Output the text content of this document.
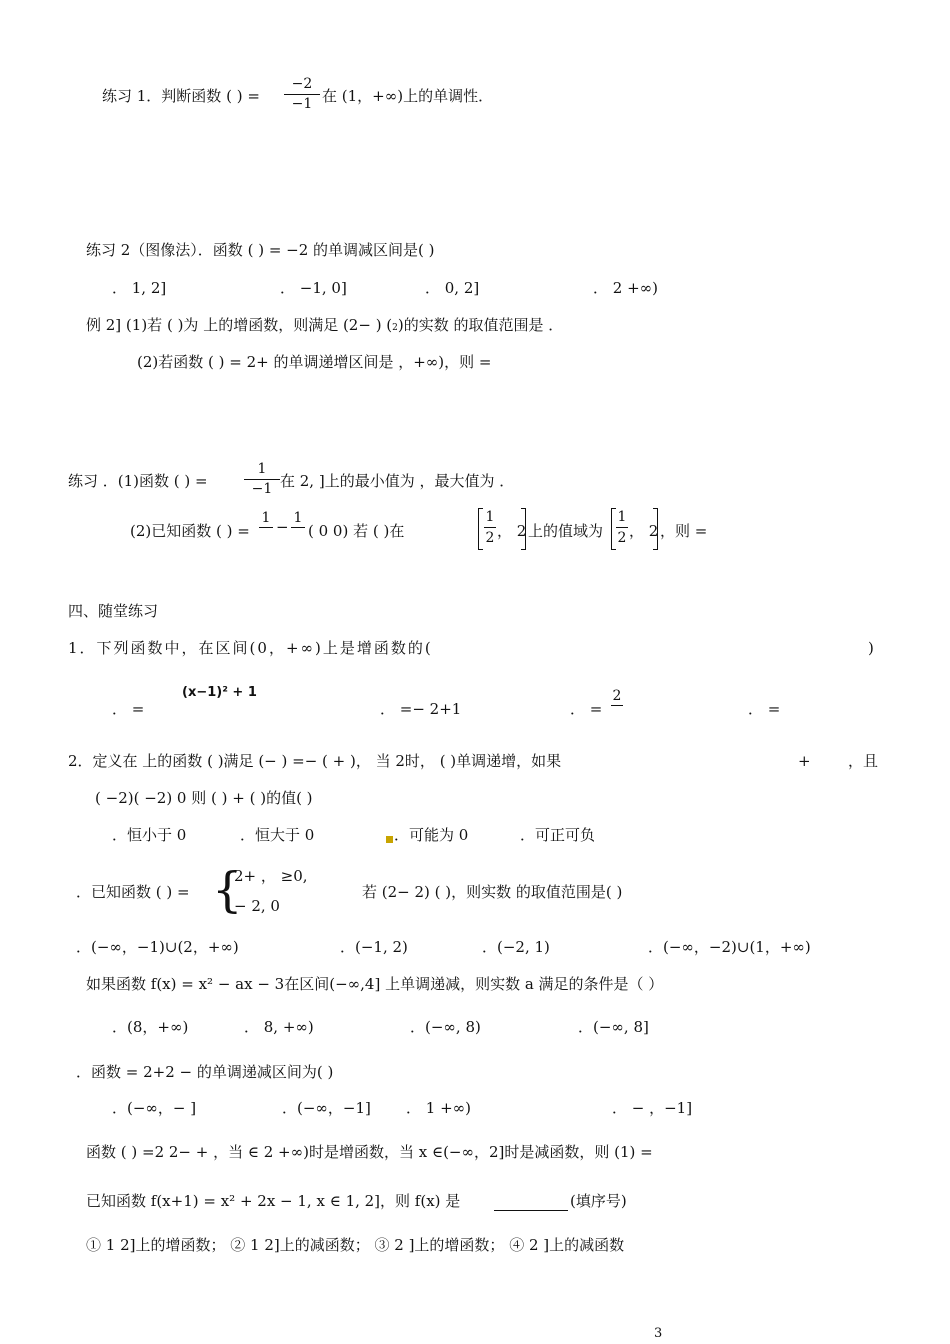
练习 1．判断函数 ( ) =
−2
−1 在 (1，+∞)上的单调性．
练习 2（图像法）．函数 ( ) = −2 的单调减区间是( )
． 1, 2]	． −1, 0]	． 0, 2]	． 2 +∞)
例 2] (1)若 ( )为 上的增函数，则满足 (2− ) (2)的实数 的取值范围是 ．
(2)若函数 ( ) = 2+ 的单调递增区间是 ，+∞)，则 =
练习 ．(1)函数 ( ) =
1
−1 在 2, ]上的最小值为 ，最大值为 ．
(2)已知函数 ( ) =
1 − 1
( 0 0) 若 ( )在
1
2 ， 2 上的值域为
1
2 ， 2 ，则 =
四、随堂练习
1．下列函数中，在区间(0，+∞)上是增函数的(	)
． =
(x−1)² + 1
． =− 2+1	． =
2
． =
2．定义在 上的函数 ( )满足 (− ) =− ( + )， 当 2时， ( )单调递增，如果	+ ，且
( −2)( −2) 0 则 ( ) + ( )的值( )
．恒小于 0	．恒大于 0	．可能为 0	．可正可负
．已知函数 ( ) = {
2+ ， ≥0,
− 2, 0
若 (2− 2) ( )，则实数 的取值范围是( )
．(−∞，−1)∪(2，+∞)	．(−1, 2)	．(−2, 1)	．(−∞，−2)∪(1，+∞)
如果函数 f(x) = x² − ax − 3在区间(−∞,4] 上单调递减，则实数 a 满足的条件是（ ）
．(8，+∞)	． 8, +∞)	．(−∞, 8)	．(−∞, 8]
．函数 = 2+2 − 的单调递减区间为( )
．(−∞，− ]	．(−∞，−1] ． 1 +∞)	． − ，−1]
函数 ( ) =2 2− + ，当 ∈ 2 +∞)时是增函数，当 x ∈(−∞，2]时是减函数，则 (1) =
已知函数 f(x+1) = x² + 2x − 1, x ∈ 1, 2]，则 f(x) 是	(填序号)
① 1 2]上的增函数； ② 1 2]上的减函数； ③ 2 ]上的增函数； ④ 2 ]上的减函数
3
